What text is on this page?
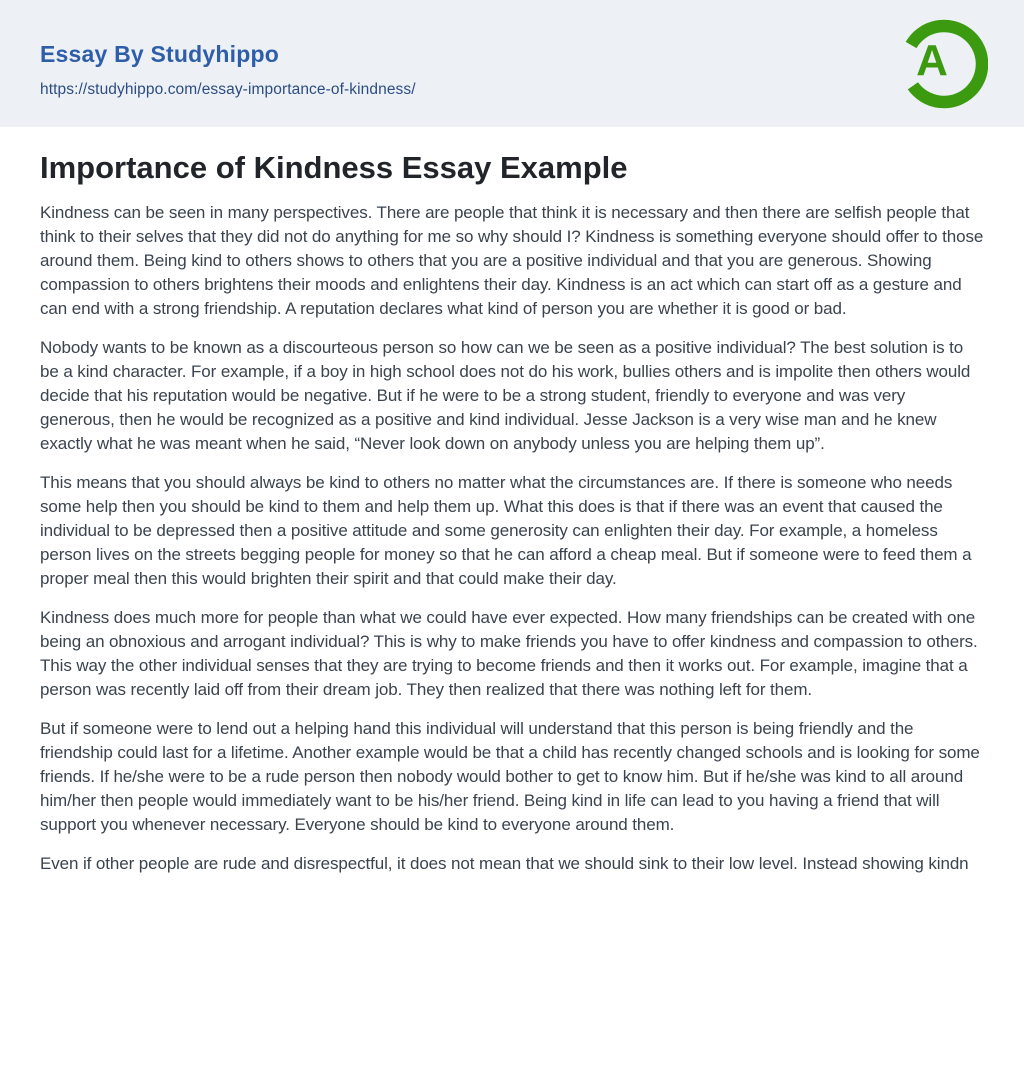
Essay By Studyhippo
https://studyhippo.com/essay-importance-of-kindness/
A
Importance of Kindness Essay Example

Kindness can be seen in many perspectives. There are people that think it is necessary and then there are selfish people that think to their selves that they did not do anything for me so why should I? Kindness is something everyone should offer to those around them. Being kind to others shows to others that you are a positive individual and that you are generous. Showing compassion to others brightens their moods and enlightens their day. Kindness is an act which can start off as a gesture and can end with a strong friendship. A reputation declares what kind of person you are whether it is good or bad.

Nobody wants to be known as a discourteous person so how can we be seen as a positive individual? The best solution is to be a kind character. For example, if a boy in high school does not do his work, bullies others and is impolite then others would decide that his reputation would be negative. But if he were to be a strong student, friendly to everyone and was very generous, then he would be recognized as a positive and kind individual. Jesse Jackson is a very wise man and he knew exactly what he was meant when he said, “Never look down on anybody unless you are helping them up”.

This means that you should always be kind to others no matter what the circumstances are. If there is someone who needs some help then you should be kind to them and help them up. What this does is that if there was an event that caused the individual to be depressed then a positive attitude and some generosity can enlighten their day. For example, a homeless person lives on the streets begging people for money so that he can afford a cheap meal. But if someone were to feed them a proper meal then this would brighten their spirit and that could make their day.

Kindness does much more for people than what we could have ever expected. How many friendships can be created with one being an obnoxious and arrogant individual? This is why to make friends you have to offer kindness and compassion to others. This way the other individual senses that they are trying to become friends and then it works out. For example, imagine that a person was recently laid off from their dream job. They then realized that there was nothing left for them.

But if someone were to lend out a helping hand this individual will understand that this person is being friendly and the friendship could last for a lifetime. Another example would be that a child has recently changed schools and is looking for some friends. If he/she were to be a rude person then nobody would bother to get to know him. But if he/she was kind to all around him/her then people would immediately want to be his/her friend. Being kind in life can lead to you having a friend that will support you whenever necessary. Everyone should be kind to everyone around them.

Even if other people are rude and disrespectful, it does not mean that we should sink to their low level. Instead showing kindn
